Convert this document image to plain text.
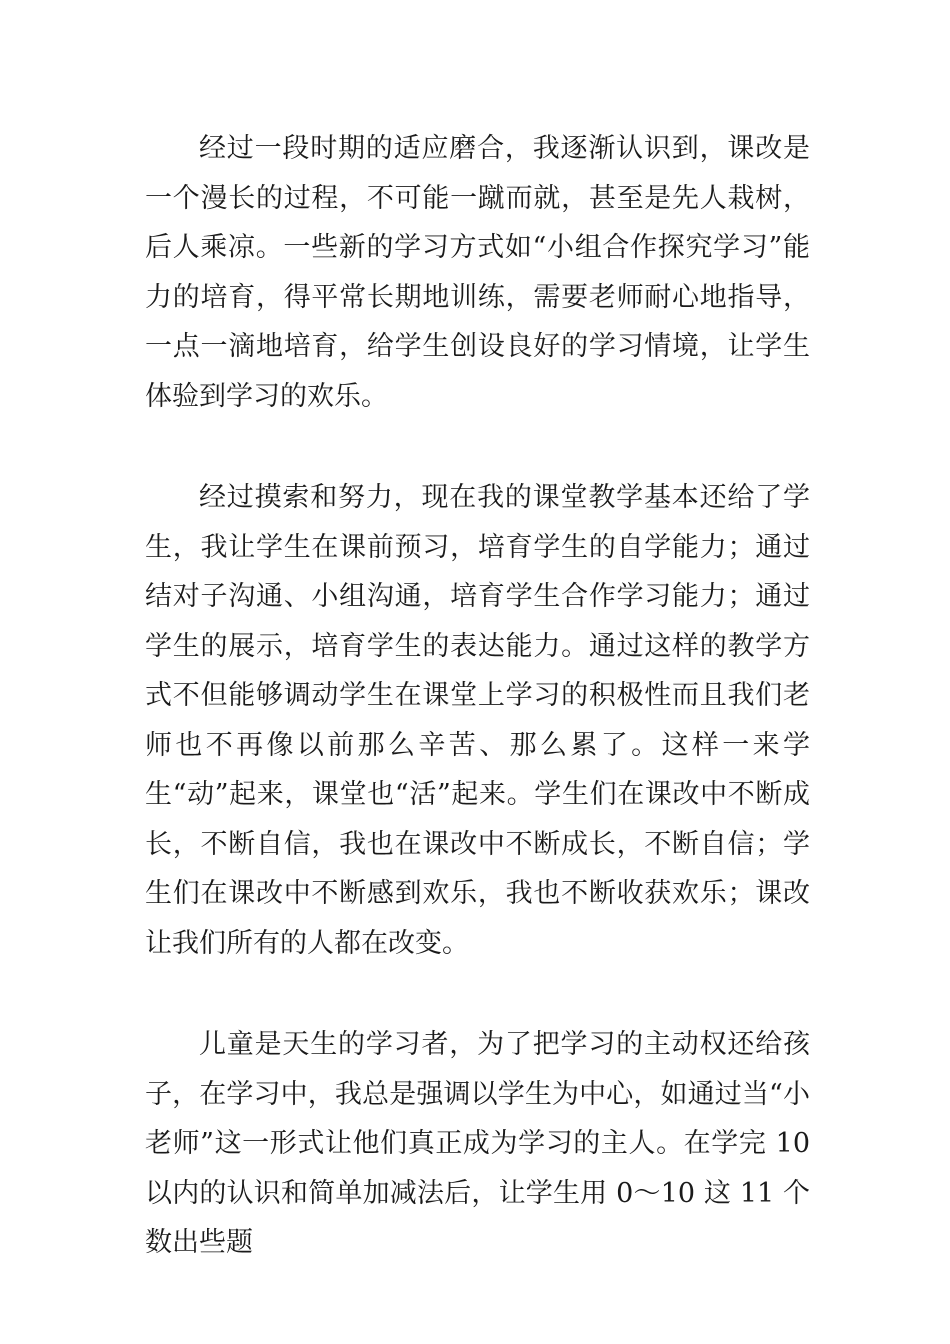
经过一段时期的适应磨合，我逐渐认识到，课改是一个漫长的过程，不可能一蹴而就，甚至是先人栽树，后人乘凉。一些新的学习方式如“小组合作探究学习”能力的培育，得平常长期地训练，需要老师耐心地指导，一点一滴地培育，给学生创设良好的学习情境，让学生体验到学习的欢乐。

经过摸索和努力，现在我的课堂教学基本还给了学生，我让学生在课前预习，培育学生的自学能力；通过结对子沟通、小组沟通，培育学生合作学习能力；通过学生的展示，培育学生的表达能力。通过这样的教学方式不但能够调动学生在课堂上学习的积极性而且我们老师也不再像以前那么辛苦、那么累了。这样一来学生“动”起来，课堂也“活”起来。学生们在课改中不断成长，不断自信，我也在课改中不断成长，不断自信；学生们在课改中不断感到欢乐，我也不断收获欢乐；课改让我们所有的人都在改变。

儿童是天生的学习者，为了把学习的主动权还给孩子，在学习中，我总是强调以学生为中心，如通过当“小老师”这一形式让他们真正成为学习的主人。在学完 10 以内的认识和简单加减法后，让学生用 0～10 这 11 个数出些题
